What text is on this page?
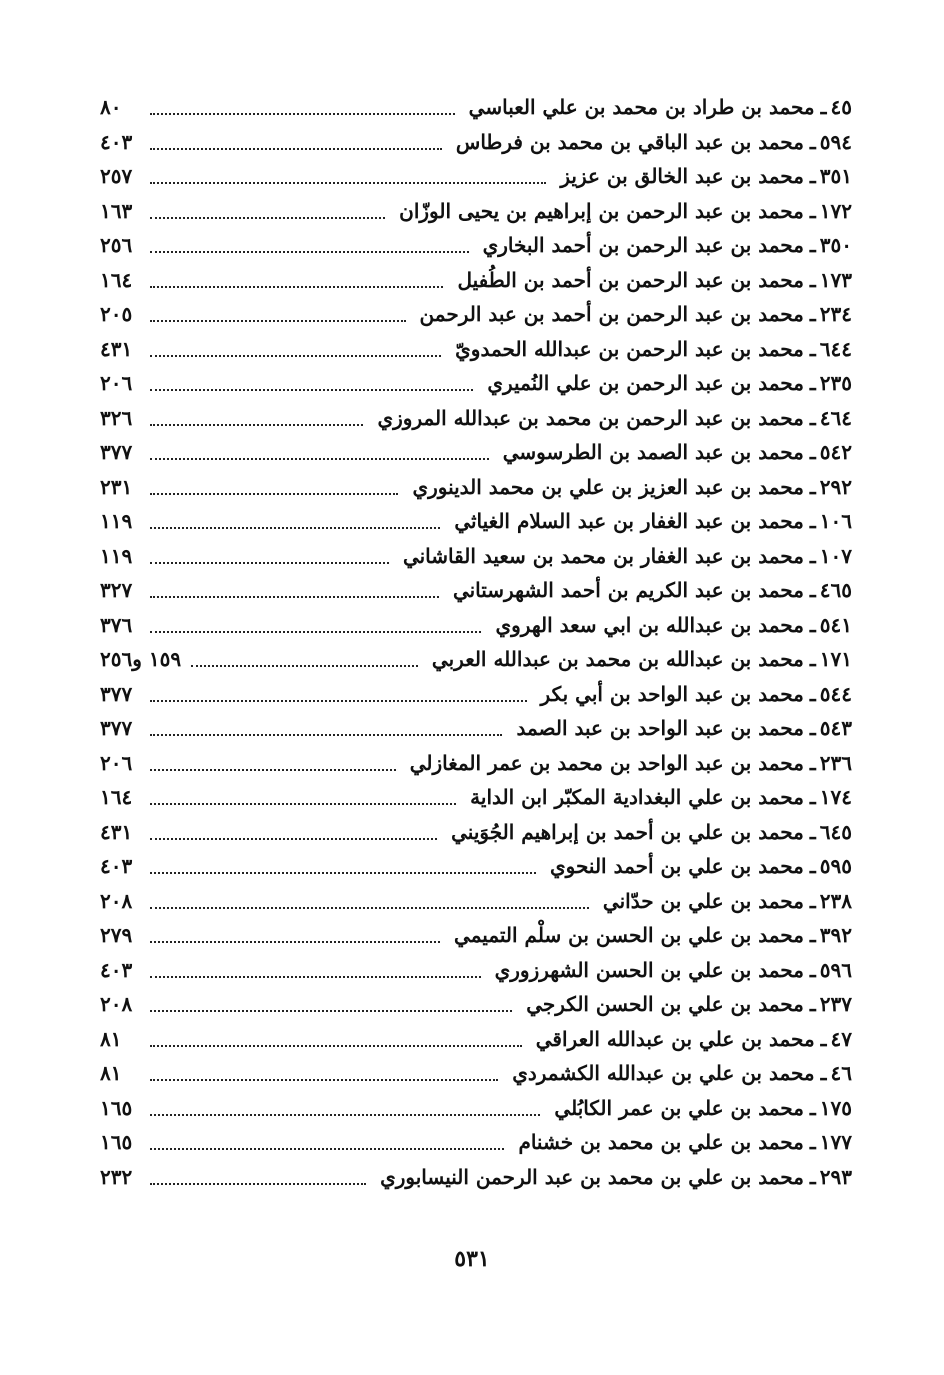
٤٥
ـ
محمد بن طراد بن محمد بن علي العباسي
٨٠
٥٩٤
ـ
محمد بن عبد الباقي بن محمد بن فرطاس
٤٠٣
٣٥١
ـ
محمد بن عبد الخالق بن عزيز
٢٥٧
١٧٢
ـ
محمد بن عبد الرحمن بن إبراهيم بن يحيى الوزّان
١٦٣
٣٥٠
ـ
محمد بن عبد الرحمن بن أحمد البخاري
٢٥٦
١٧٣
ـ
محمد بن عبد الرحمن بن أحمد بن الطُفيل
١٦٤
٢٣٤
ـ
محمد بن عبد الرحمن بن أحمد بن عبد الرحمن
٢٠٥
٦٤٤
ـ
محمد بن عبد الرحمن بن عبدالله الحمدويّ
٤٣١
٢٣٥
ـ
محمد بن عبد الرحمن بن علي النُميري
٢٠٦
٤٦٤
ـ
محمد بن عبد الرحمن بن محمد بن عبدالله المروزي
٣٢٦
٥٤٢
ـ
محمد بن عبد الصمد بن الطرسوسي
٣٧٧
٢٩٢
ـ
محمد بن عبد العزيز بن علي بن محمد الدينوري
٢٣١
١٠٦
ـ
محمد بن عبد الغفار بن عبد السلام الغياثي
١١٩
١٠٧
ـ
محمد بن عبد الغفار بن محمد بن سعيد القاشاني
١١٩
٤٦٥
ـ
محمد بن عبد الكريم بن أحمد الشهرستاني
٣٢٧
٥٤١
ـ
محمد بن عبدالله بن ابي سعد الهروي
٣٧٦
١٧١
ـ
محمد بن عبدالله بن محمد بن عبدالله العربي
١٥٩ و٢٥٦
٥٤٤
ـ
محمد بن عبد الواحد بن أبي بكر
٣٧٧
٥٤٣
ـ
محمد بن عبد الواحد بن عبد الصمد
٣٧٧
٢٣٦
ـ
محمد بن عبد الواحد بن محمد بن عمر المغازلي
٢٠٦
١٧٤
ـ
محمد بن علي البغدادية المكبّر ابن الداية
١٦٤
٦٤٥
ـ
محمد بن علي بن أحمد بن إبراهيم الجُوَيني
٤٣١
٥٩٥
ـ
محمد بن علي بن أحمد النحوي
٤٠٣
٢٣٨
ـ
محمد بن علي بن حدّاني
٢٠٨
٣٩٢
ـ
محمد بن علي بن الحسن بن سلْم التميمي
٢٧٩
٥٩٦
ـ
محمد بن علي بن الحسن الشهرزوري
٤٠٣
٢٣٧
ـ
محمد بن علي بن الحسن الكرجي
٢٠٨
٤٧
ـ
محمد بن علي بن عبدالله العراقي
٨١
٤٦
ـ
محمد بن علي بن عبدالله الكشمردي
٨١
١٧٥
ـ
محمد بن علي بن عمر الكابُلي
١٦٥
١٧٧
ـ
محمد بن علي بن محمد بن خشنام
١٦٥
٢٩٣
ـ
محمد بن علي بن محمد بن عبد الرحمن النيسابوري
٢٣٢
٥٣١
